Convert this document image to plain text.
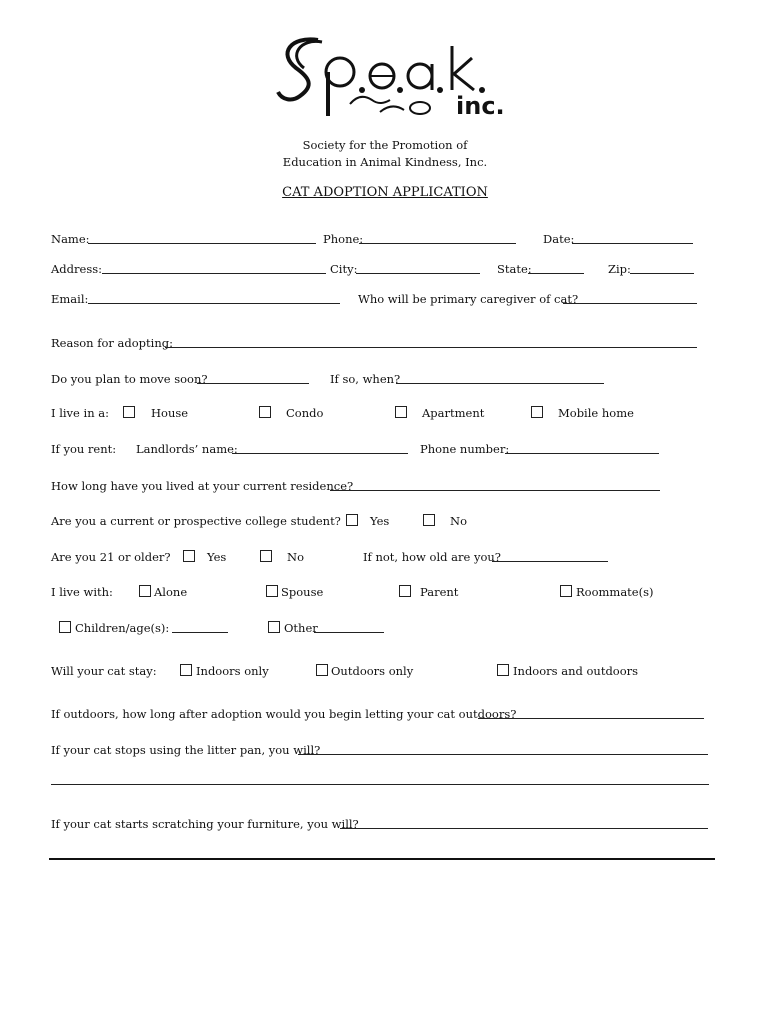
inc.
Society for the Promotion of
Education in Animal Kindness, Inc.
CAT ADOPTION APPLICATION
Name:	Phone:	Date:
Address:	City:	State:	Zip:
Email:	Who will be primary caregiver of cat?
Reason for adopting:
Do you plan to move soon?	If so, when?
I live in a:	House	Condo	Apartment	Mobile home
If you rent: Landlords’ name:	Phone number:
How long have you lived at your current residence?
Are you a current or prospective college student?	Yes	No
Are you 21 or older?	Yes	No	If not, how old are you?
I live with:	Alone	Spouse	Parent	Roommate(s)
Children/age(s):	Other
Will your cat stay:	Indoors only	Outdoors only	Indoors and outdoors
If outdoors, how long after adoption would you begin letting your cat outdoors?
If your cat stops using the litter pan, you will?
If your cat starts scratching your furniture, you will?
